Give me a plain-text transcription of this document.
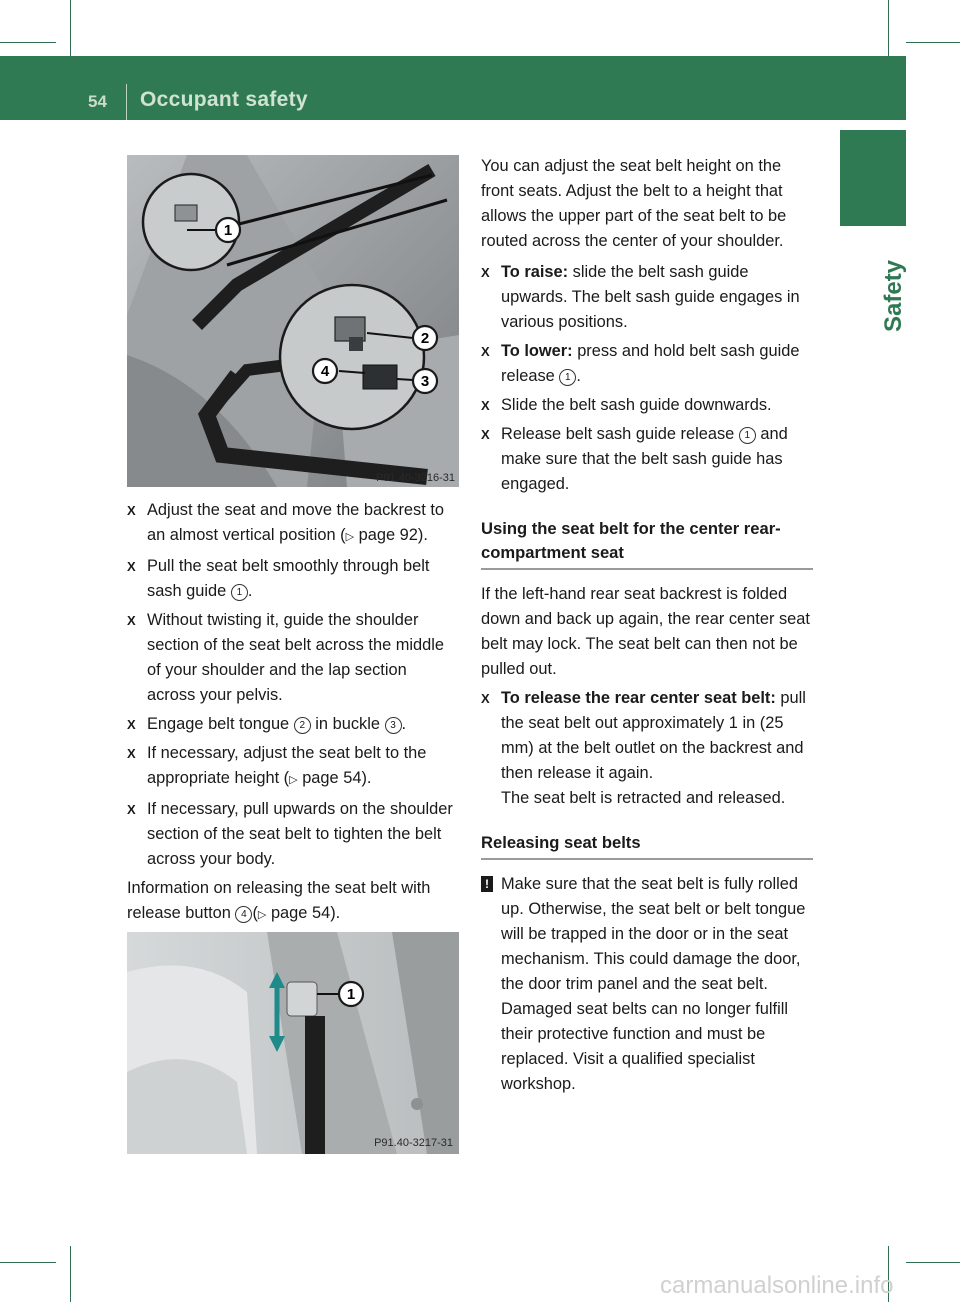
54 Occupant safety
Safety
1
2
3
4
P91.40-3216-31
X Adjust the seat and move the backrest to an almost vertical position (▷ page 92).
X Pull the seat belt smoothly through belt sash guide 1 .
X Without twisting it, guide the shoulder section of the seat belt across the middle of your shoulder and the lap section across your pelvis.
X Engage belt tongue 2 in buckle 3 .
X If necessary, adjust the seat belt to the appropriate height (▷ page 54).
X If necessary, pull upwards on the shoulder section of the seat belt to tighten the belt across your body.

Information on releasing the seat belt with release button 4 (▷ page 54).

1
P91.40-3217-31

You can adjust the seat belt height on the front seats. Adjust the belt to a height that allows the upper part of the seat belt to be routed across the center of your shoulder.

X To raise: slide the belt sash guide upwards. The belt sash guide engages in various positions.
X To lower: press and hold belt sash guide release 1 .
X Slide the belt sash guide downwards.
X Release belt sash guide release 1 and make sure that the belt sash guide has engaged.
Using the seat belt for the center rear-compartment seat

If the left-hand rear seat backrest is folded down and back up again, the rear center seat belt may lock. The seat belt can then not be pulled out.

X To release the rear center seat belt: pull the seat belt out approximately 1 in (25 mm) at the belt outlet on the backrest and then release it again.
The seat belt is retracted and released.
Releasing seat belts
! Make sure that the seat belt is fully rolled up. Otherwise, the seat belt or belt tongue will be trapped in the door or in the seat mechanism. This could damage the door, the door trim panel and the seat belt. Damaged seat belts can no longer fulfill their protective function and must be replaced. Visit a qualified specialist workshop.
carmanualsonline.info
